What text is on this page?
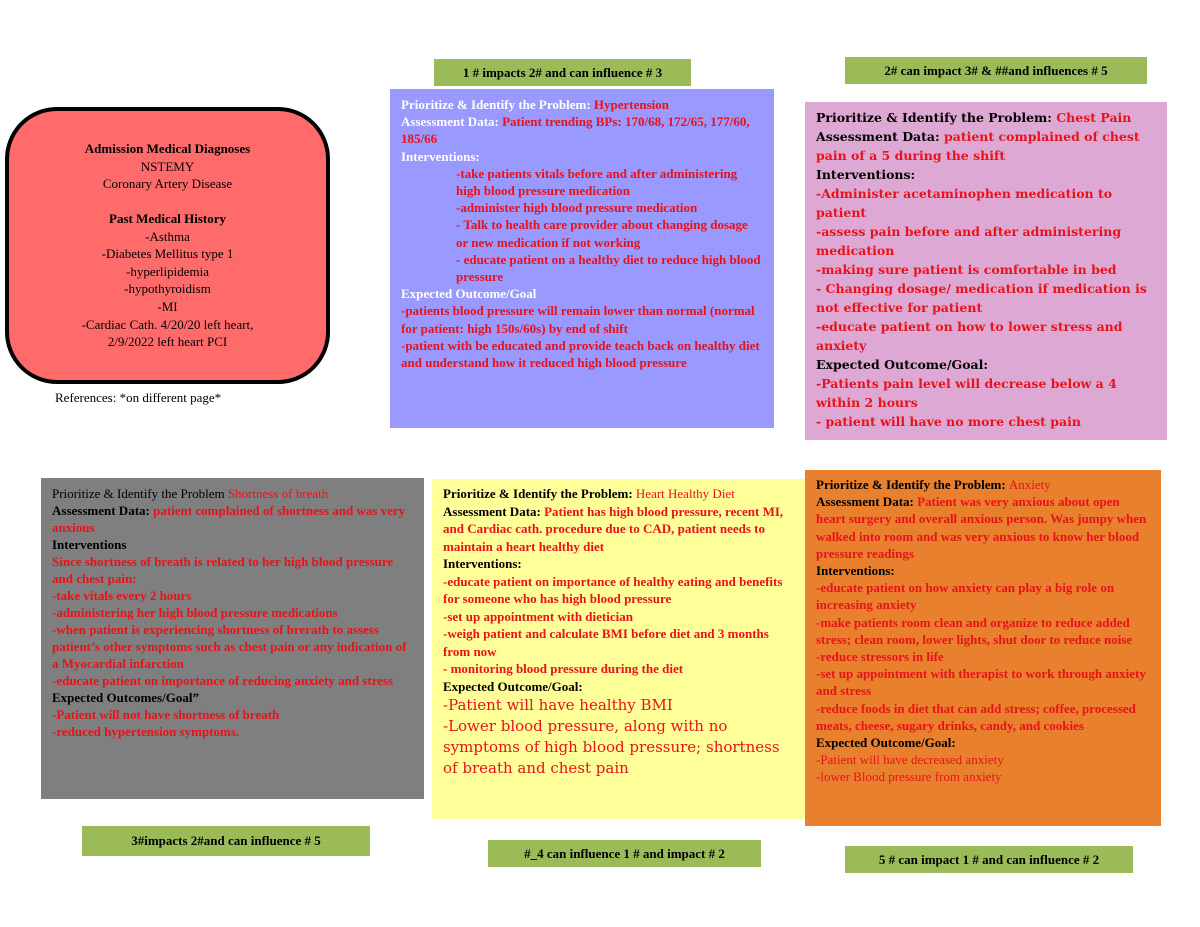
1 # impacts 2# and can influence # 3	2# can impact 3# & ##and influences # 5
3#impacts 2#and can influence # 5
#_4 can influence 1 # and impact # 2	5 # can impact 1 # and can influence # 2

Admission Medical Diagnoses

NSTEMY

Coronary Artery Disease

Past Medical History

-Asthma

-Diabetes Mellitus type 1

-hyperlipidemia

-hypothyroidism

-MI

-Cardiac Cath. 4/20/20 left heart,

2/9/2022 left heart PCI

References: *on different page*

Prioritize & Identify the Problem: Hypertension

Assessment Data: Patient trending BPs: 170/68, 172/65, 177/60, 185/66

Interventions:

-take patients vitals before and after administering high blood pressure medication

-administer high blood pressure medication

- Talk to health care provider about changing dosage or new medication if not working

- educate patient on a healthy diet to reduce high blood pressure

Expected Outcome/Goal

-patients blood pressure will remain lower than normal (normal for patient: high 150s/60s) by end of shift

-patient with be educated and provide teach back on healthy diet and understand how it reduced high blood pressure

Prioritize & Identify the Problem: Chest Pain

Assessment Data: patient complained of chest pain of a 5 during the shift

Interventions:

-Administer acetaminophen medication to patient

-assess pain before and after administering medication

-making sure patient is comfortable in bed

- Changing dosage/ medication if medication is not effective for patient

-educate patient on how to lower stress and anxiety

Expected Outcome/Goal:

-Patients pain level will decrease below a 4 within 2 hours

- patient will have no more chest pain

Prioritize & Identify the Problem Shortness of breath

Assessment Data: patient complained of shortness and was very anxious

Interventions

Since shortness of breath is related to her high blood pressure and chest pain:

-take vitals every 2 hours

-administering her high blood pressure medications

-when patient is experiencing shortness of brerath to assess patient’s other symptoms such as chest pain or any indication of a Myocardial infarction

-educate patient on importance of reducing anxiety and stress

Expected Outcomes/Goal”

-Patient will not have shortness of breath

-reduced hypertension symptoms.

Prioritize & Identify the Problem: Heart Healthy Diet

Assessment Data: Patient has high blood pressure, recent MI, and Cardiac cath. procedure due to CAD, patient needs to maintain a heart healthy diet

Interventions:

-educate patient on importance of healthy eating and benefits for someone who has high blood pressure

-set up appointment with dietician

-weigh patient and calculate BMI before diet and 3 months from now

- monitoring blood pressure during the diet

Expected Outcome/Goal:

-Patient will have healthy BMI

-Lower blood pressure, along with no symptoms of high blood pressure; shortness of breath and chest pain

Prioritize & Identify the Problem: Anxiety

Assessment Data: Patient was very anxious about open heart surgery and overall anxious person. Was jumpy when walked into room and was very anxious to know her blood pressure readings

Interventions:

-educate patient on how anxiety can play a big role on increasing anxiety

-make patients room clean and organize to reduce added stress; clean room, lower lights, shut door to reduce noise

-reduce stressors in life

-set up appointment with therapist to work through anxiety and stress

-reduce foods in diet that can add stress; coffee, processed meats, cheese, sugary drinks, candy, and cookies

Expected Outcome/Goal:

-Patient will have decreased anxiety

-lower Blood pressure from anxiety
